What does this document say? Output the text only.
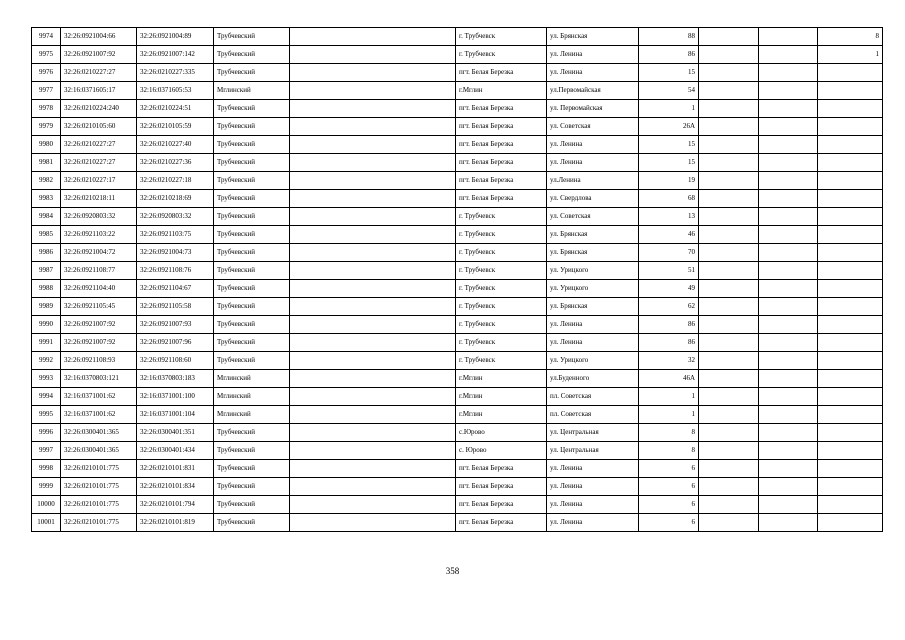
9974	32:26:0921004:66	32:26:0921004:89	Трубчевский		г. Трубчевск	ул. Брянская	88			8
9975	32:26:0921007:92	32:26:0921007:142	Трубчевский		г. Трубчевск	ул. Ленина	86			1
9976	32:26:0210227:27	32:26:0210227:335	Трубчевский		пгт. Белая Березка	ул. Ленина	15			
9977	32:16:0371605:17	32:16:0371605:53	Мглинский		г.Мглин	ул.Первомайская	54			
9978	32:26:0210224:240	32:26:0210224:51	Трубчевский		пгт. Белая Березка	ул. Первомайская	1			
9979	32:26:0210105:60	32:26:0210105:59	Трубчевский		пгт. Белая Березка	ул. Советская	26А			
9980	32:26:0210227:27	32:26:0210227:40	Трубчевский		пгт. Белая Березка	ул. Ленина	15			
9981	32:26:0210227:27	32:26:0210227:36	Трубчевский		пгт. Белая Березка	ул. Ленина	15			
9982	32:26:0210227:17	32:26:0210227:18	Трубчевский		пгт. Белая Березка	ул.Ленина	19			
9983	32:26:0210218:11	32:26:0210218:69	Трубчевский		пгт. Белая Березка	ул. Свердлова	68			
9984	32:26:0920803:32	32:26:0920803:32	Трубчевский		г. Трубчевск	ул. Советская	13			
9985	32:26:0921103:22	32:26:0921103:75	Трубчевский		г. Трубчевск	ул. Брянская	46			
9986	32:26:0921004:72	32:26:0921004:73	Трубчевский		г. Трубчевск	ул. Брянская	70			
9987	32:26:0921108:77	32:26:0921108:76	Трубчевский		г. Трубчевск	ул. Урицкого	51			
9988	32:26:0921104:40	32:26:0921104:67	Трубчевский		г. Трубчевск	ул. Урицкого	49			
9989	32:26:0921105:45	32:26:0921105:58	Трубчевский		г. Трубчевск	ул. Брянская	62			
9990	32:26:0921007:92	32:26:0921007:93	Трубчевский		г. Трубчевск	ул. Ленина	86			
9991	32:26:0921007:92	32:26:0921007:96	Трубчевский		г. Трубчевск	ул. Ленина	86			
9992	32:26:0921108:93	32:26:0921108:60	Трубчевский		г. Трубчевск	ул. Урицкого	32			
9993	32:16:0370803:121	32:16:0370803:183	Мглинский		г.Мглин	ул.Буденного	46А			
9994	32:16:0371001:62	32:16:0371001:100	Мглинский		г.Мглин	пл. Советская	1			
9995	32:16:0371001:62	32:16:0371001:104	Мглинский		г.Мглин	пл. Советская	1			
9996	32:26:0300401:365	32:26:0300401:351	Трубчевский		с.Юрово	ул. Центральная	8			
9997	32:26:0300401:365	32:26:0300401:434	Трубчевский		с. Юрово	ул. Центральная	8			
9998	32:26:0210101:775	32:26:0210101:831	Трубчевский		пгт. Белая Березка	ул. Ленина	6			
9999	32:26:0210101:775	32:26:0210101:834	Трубчевский		пгт. Белая Березка	ул. Ленина	6			
10000	32:26:0210101:775	32:26:0210101:794	Трубчевский		пгт. Белая Березка	ул. Ленина	6			
10001	32:26:0210101:775	32:26:0210101:819	Трубчевский		пгт. Белая Березка	ул. Ленина	6			
358
